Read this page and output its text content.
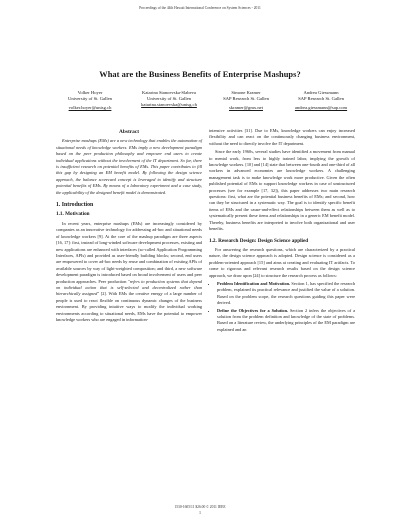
Proceedings of the 44th Hawaii International Conference on System Sciences - 2011
What are the Business Benefits of Enterprise Mashups?
Volker Hoyer
University of St. Gallen
volker.hoyer@unisg.ch
Katarina Stanoevska-Slabeva
University of St. Gallen
katarina.stanoevska@unisg.ch
Simone Kramer
SAP Research St. Gallen
skramer@gmx.net
Andrea Giessmann
SAP Research St. Gallen
andrea.giessmann@sap.com
Abstract

Enterprise mashups (EMs) are a new technology that enables the automation of situational needs of knowledge workers. EMs imply a new development paradigm based on the peer production philosophy and empower end users to create individual applications without the involvement of the IT department. So far, there is insufficient research on potential benefits of EMs. This paper contributes to fill this gap by designing an EM benefit model. By following the design science approach, the balance scorecard concept is leveraged to identify and structure potential benefits of EMs. By means of a laboratory experiment and a case study, the applicability of the designed benefit model is demonstrated.

1. Introduction
1.1. Motivation

In recent years, enterprise mashups (EMs) are increasingly considered by companies as an innovative technology for addressing ad-hoc and situational needs of knowledge workers [9]. At the core of the mashup paradigm are three aspects [16, 17]: first, instead of long-winded software development processes, existing and new applications are enhanced with interfaces (so-called Application Programming Interfaces, APIs) and provided as user-friendly building blocks; second, end users are empowered to cover ad-hoc needs by reuse and combination of existing APIs of available sources by way of light-weighted composition; and third, a new software development paradigm is introduced based on broad involvement of users and peer production approaches. Peer production "refers to production systems that depend on individual action that is self-selected and decentralized rather than hierarchically assigned" [2]. With EMs the creative energy of a large number of people is used to react flexible on continuous dynamic changes of the business environment. By providing intuitive ways to modify the individual working environments according to situational needs, EMs have the potential to empower knowledge workers who are engaged in information-

intensive activities [31]. Due to EMs, knowledge workers can enjoy increased flexibility and can react on the continuously changing business environment, without the need to directly involve the IT department.

Since the early 1960s, several studies have identified a movement from manual to mental work, from less to highly trained labor, implying the growth of knowledge workers. [10] and [14] state that between one-fourth and one-third of all workers in advanced economies are knowledge workers. A challenging management task is to make knowledge work more productive. Given the often published potential of EMs to support knowledge workers in case of unstructured processes (see for example [17, 32]), this paper addresses two main research questions: first, what are the potential business benefits of EMs; and second, how can they be structured in a systematic way. The goal is to identify specific benefit items of EMs and the cause-and-effect relationships between them as well as to systematically present these items and relationships in a generic EM benefit model. Thereby, business benefits are interpreted to involve both organizational and user benefits.

1.2. Research Design: Design Science applied

For answering the research questions, which are characterized by a practical nature, the design science approach is adopted. Design science is considered as a problem-oriented approach [15] and aims at creating and evaluating IT artifacts. To come to rigorous and relevant research results based on the design science approach, we draw upon [24] to structure the research process as follows:

• Problem Identification and Motivation. Section 1, has specified the research problem, explained its practical relevance and justified the value of a solution. Based on the problem scope, the research questions guiding this paper were derived.
• Define the Objectives for a Solution. Section 2 infers the objectives of a solution from the problem definition and knowledge of the state of problems. Based on a literature review, the underlying principles of the EM paradigm are explained and an
1530-1605/11 $26.00 © 2011 IEEE
1
